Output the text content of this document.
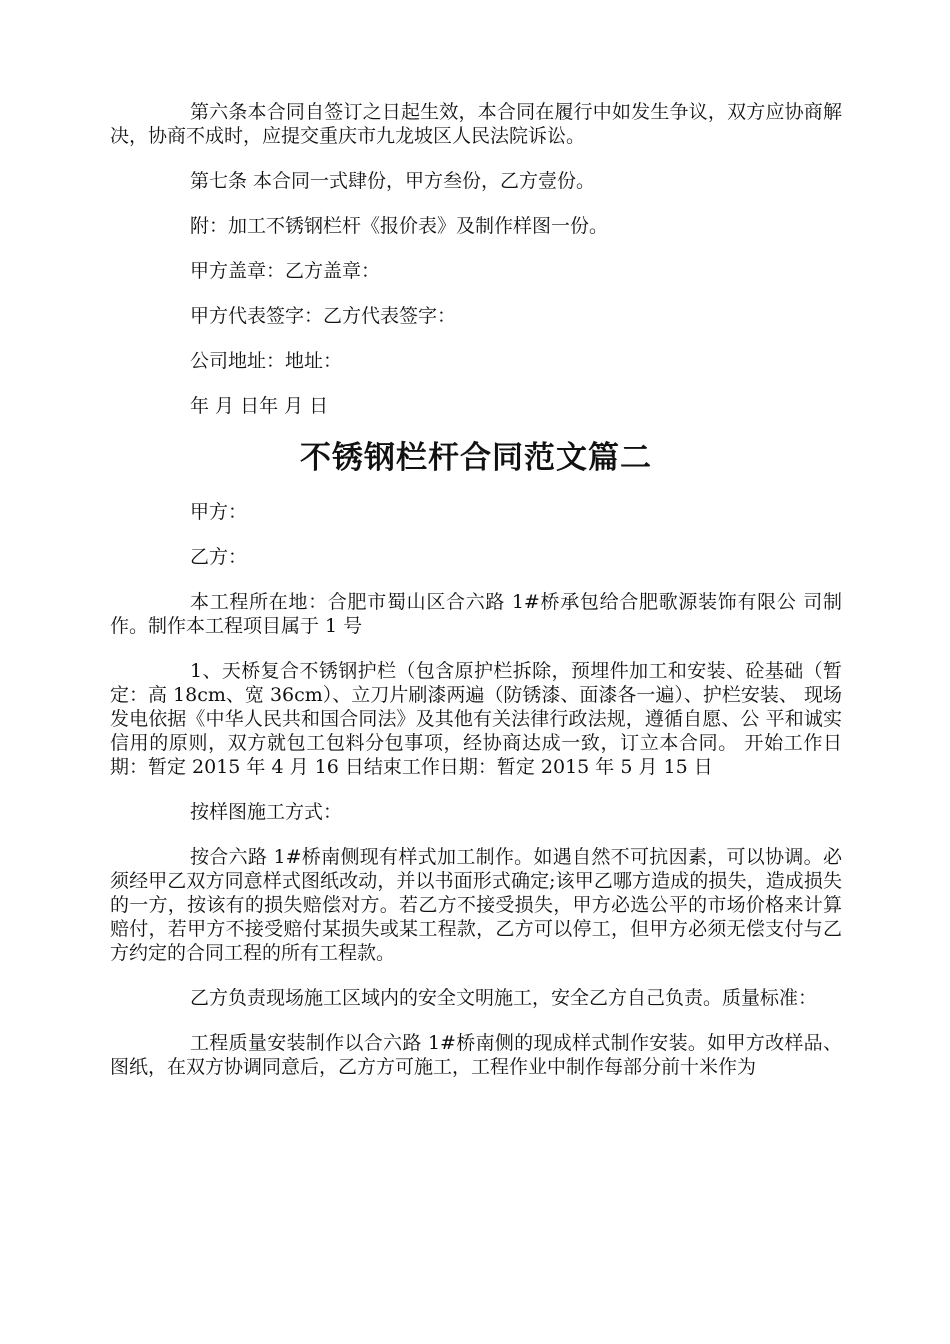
第六条本合同自签订之日起生效，本合同在履行中如发生争议，双方应协商解决，协商不成时，应提交重庆市九龙坡区人民法院诉讼。

第七条 本合同一式肆份，甲方叁份，乙方壹份。

附：加工不锈钢栏杆《报价表》及制作样图一份。

甲方盖章：乙方盖章：

甲方代表签字：乙方代表签字：

公司地址：地址：

年 月 日年 月 日

不锈钢栏杆合同范文篇二

甲方：

乙方：

本工程所在地：合肥市蜀山区合六路 1#桥承包给合肥歌源装饰有限公 司制作。制作本工程项目属于 1 号

1、天桥复合不锈钢护栏（包含原护栏拆除，预埋件加工和安装、砼基础（暂定：高 18cm、宽 36cm）、立刀片刷漆两遍（防锈漆、面漆各一遍）、护栏安装、 现场发电依据《中华人民共和国合同法》及其他有关法律行政法规，遵循自愿、公 平和诚实信用的原则，双方就包工包料分包事项，经协商达成一致，订立本合同。 开始工作日期：暂定 2015 年 4 月 16 日结束工作日期：暂定 2015 年 5 月 15 日

按样图施工方式：

按合六路 1#桥南侧现有样式加工制作。如遇自然不可抗因素，可以协调。必须经甲乙双方同意样式图纸改动，并以书面形式确定;该甲乙哪方造成的损失，造成损失的一方，按该有的损失赔偿对方。若乙方不接受损失，甲方必选公平的市场价格来计算赔付，若甲方不接受赔付某损失或某工程款，乙方可以停工，但甲方必须无偿支付与乙方约定的合同工程的所有工程款。

乙方负责现场施工区域内的安全文明施工，安全乙方自己负责。质量标准：

工程质量安装制作以合六路 1#桥南侧的现成样式制作安装。如甲方改样品、图纸，在双方协调同意后，乙方方可施工，工程作业中制作每部分前十米作为
